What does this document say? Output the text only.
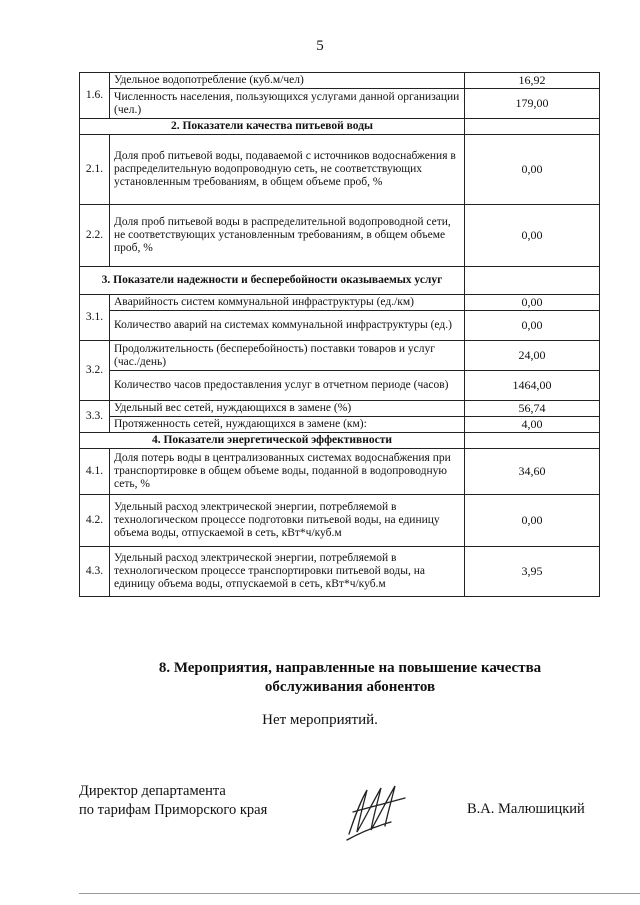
5
1.6.	Удельное водопотребление (куб.м/чел)	16,92
	Численность населения, пользующихся услугами данной организации (чел.)	179,00
2. Показатели качества питьевой воды		
2.1.	Доля проб питьевой воды, подаваемой с источников водоснабжения в распределительную водопроводную сеть, не соответствующих установленным требованиям, в общем объеме проб, %	0,00
2.2.	Доля проб питьевой воды в распределительной водопроводной сети, не соответствующих установленным требованиям, в общем объеме проб, %	0,00
3. Показатели надежности и бесперебойности оказываемых услуг		
3.1.	Аварийность систем коммунальной инфраструктуры (ед./км)	0,00
	Количество аварий на системах коммунальной инфраструктуры (ед.)	0,00
3.2.	Продолжительность (бесперебойность) поставки товаров и услуг (час./день)	24,00
	Количество часов предоставления услуг в отчетном периоде (часов)	1464,00
3.3.	Удельный вес сетей, нуждающихся в замене (%)	56,74
	Протяженность сетей, нуждающихся в замене (км):	4,00
4. Показатели энергетической эффективности		
4.1.	Доля потерь воды в централизованных системах водоснабжения при транспортировке в общем объеме воды, поданной в водопроводную сеть, %	34,60
4.2.	Удельный расход электрической энергии, потребляемой в технологическом процессе подготовки питьевой воды, на единицу объема воды, отпускаемой в сеть, кВт*ч/куб.м	0,00
4.3.	Удельный расход электрической энергии, потребляемой в технологическом процессе транспортировки питьевой воды, на единицу объема воды, отпускаемой в сеть, кВт*ч/куб.м	3,95
8. Мероприятия, направленные на повышение качества
обслуживания абонентов
Нет мероприятий.
Директор департамента
по тарифам Приморского края	В.А. Малюшицкий
